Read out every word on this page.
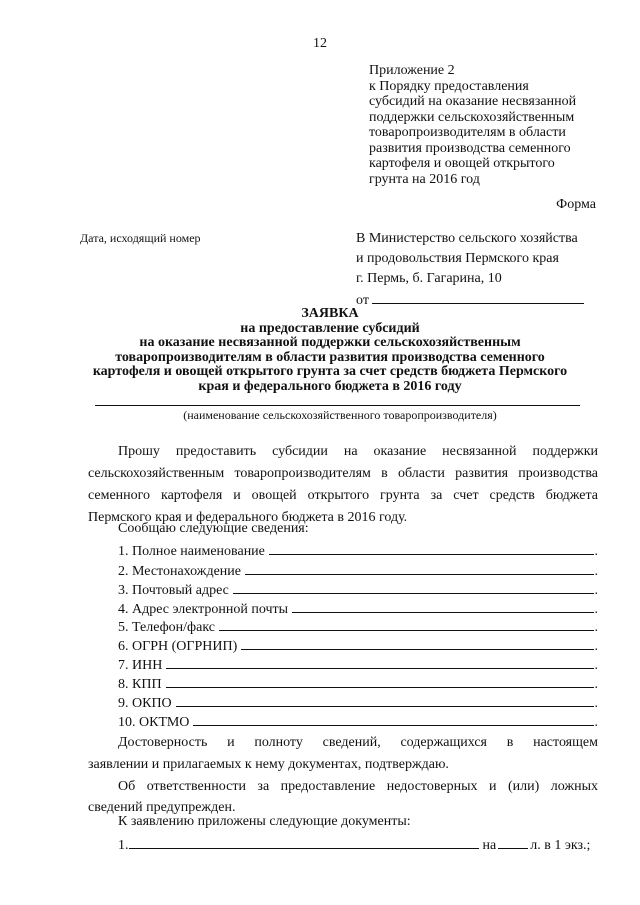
12
Приложение 2
к Порядку предоставления
субсидий на оказание несвязанной
поддержки сельскохозяйственным
товаропроизводителям в области
развития производства семенного
картофеля и овощей открытого
грунта на 2016 год
Форма
Дата, исходящий номер	В Министерство сельского хозяйства
и продовольствия Пермского края
г. Пермь, б. Гагарина, 10
от
ЗАЯВКА
на предоставление субсидий
на оказание несвязанной поддержки сельскохозяйственным
товаропроизводителям в области развития производства семенного
картофеля и овощей открытого грунта за счет средств бюджета Пермского
края и федерального бюджета в 2016 году
(наименование сельскохозяйственного товаропроизводителя)
Прошу предоставить субсидии на оказание несвязанной поддержки сельскохозяйственным товаропроизводителям в области развития производства семенного картофеля и овощей открытого грунта за счет средств бюджета Пермского края и федерального бюджета в 2016 году.
Сообщаю следующие сведения:
1. Полное наименование	.
2. Местонахождение	.
3. Почтовый адрес	.
4. Адрес электронной почты	.
5. Телефон/факс	.
6. ОГРН (ОГРНИП)	.
7. ИНН	.
8. КПП	.
9. ОКПО	.
10. ОКТМО	.
Достоверность и полноту сведений, содержащихся в настоящем
заявлении и прилагаемых к нему документах, подтверждаю.
Об ответственности за предоставление недостоверных и (или) ложных
сведений предупрежден.
К заявлению приложены следующие документы:
1.	на л. в 1 экз.;
